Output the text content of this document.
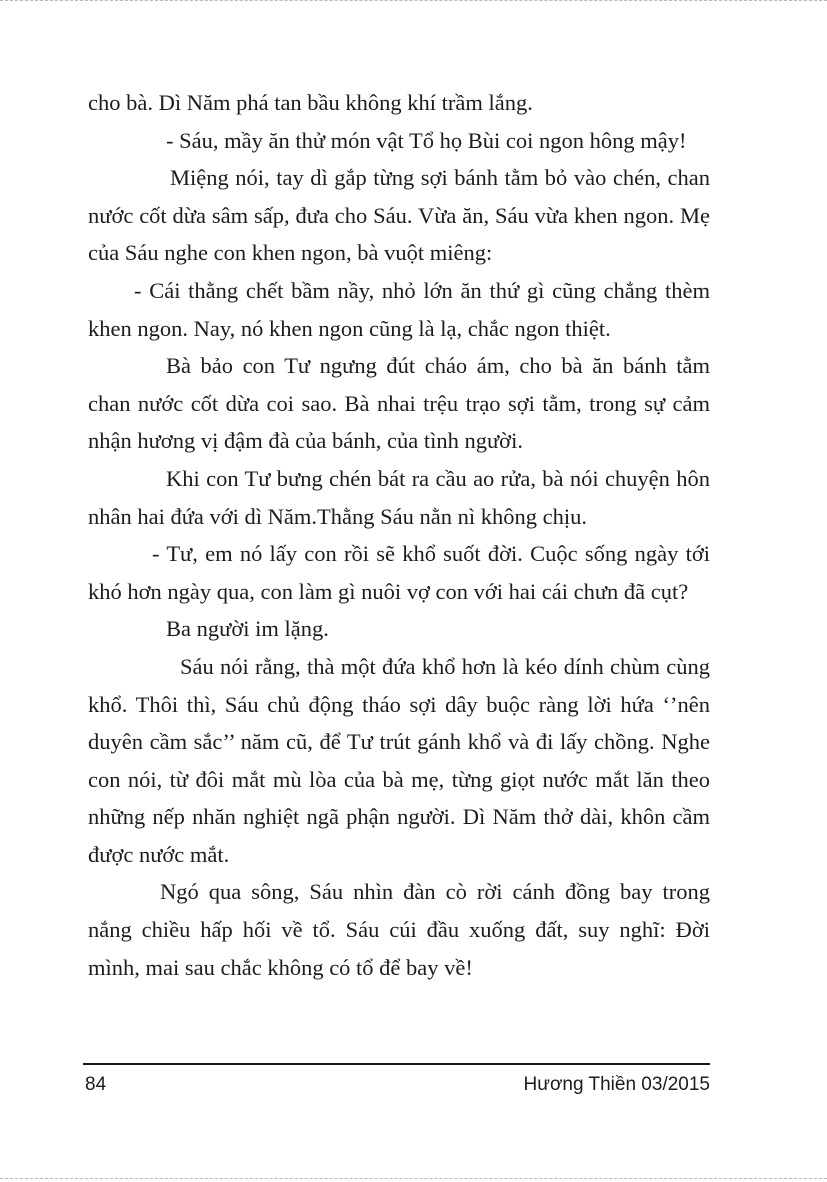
cho bà. Dì Năm phá tan bầu không khí trầm lắng.

- Sáu, mầy ăn thử món vật Tổ họ Bùi coi ngon hông mậy!

Miệng nói, tay dì gắp từng sợi bánh tằm bỏ vào chén, chan nước cốt dừa sâm sấp, đưa cho Sáu. Vừa ăn, Sáu vừa khen ngon. Mẹ của Sáu nghe con khen ngon, bà vuột miêng:

- Cái thằng chết bầm nầy, nhỏ lớn ăn thứ gì cũng chẳng thèm khen ngon. Nay, nó khen ngon cũng là lạ, chắc ngon thiệt.

Bà bảo con Tư ngưng đút cháo ám, cho bà ăn bánh tằm chan nước cốt dừa coi sao. Bà nhai trệu trạo sợi tằm, trong sự cảm nhận hương vị đậm đà của bánh, của tình người.

Khi con Tư bưng chén bát ra cầu ao rửa, bà nói chuyện hôn nhân hai đứa với dì Năm.Thằng Sáu nằn nì không chịu.

- Tư, em nó lấy con rồi sẽ khổ suốt đời. Cuộc sống ngày tới khó hơn ngày qua, con làm gì nuôi vợ con với hai cái chưn đã cụt?

Ba người im lặng.

Sáu nói rằng, thà một đứa khổ hơn là kéo dính chùm cùng khổ. Thôi thì, Sáu chủ động tháo sợi dây buộc ràng lời hứa ‘’nên duyên cầm sắc’’ năm cũ, để Tư trút gánh khổ và đi lấy chồng. Nghe con nói, từ đôi mắt mù lòa của bà mẹ, từng giọt nước mắt lăn theo những nếp nhăn nghiệt ngã phận người. Dì Năm thở dài, khôn cầm được nước mắt.

Ngó qua sông, Sáu nhìn đàn cò rời cánh đồng bay trong nắng chiều hấp hối về tổ. Sáu cúi đầu xuống đất, suy nghĩ: Đời mình, mai sau chắc không có tổ để bay về!

84	Hương Thiền 03/2015
